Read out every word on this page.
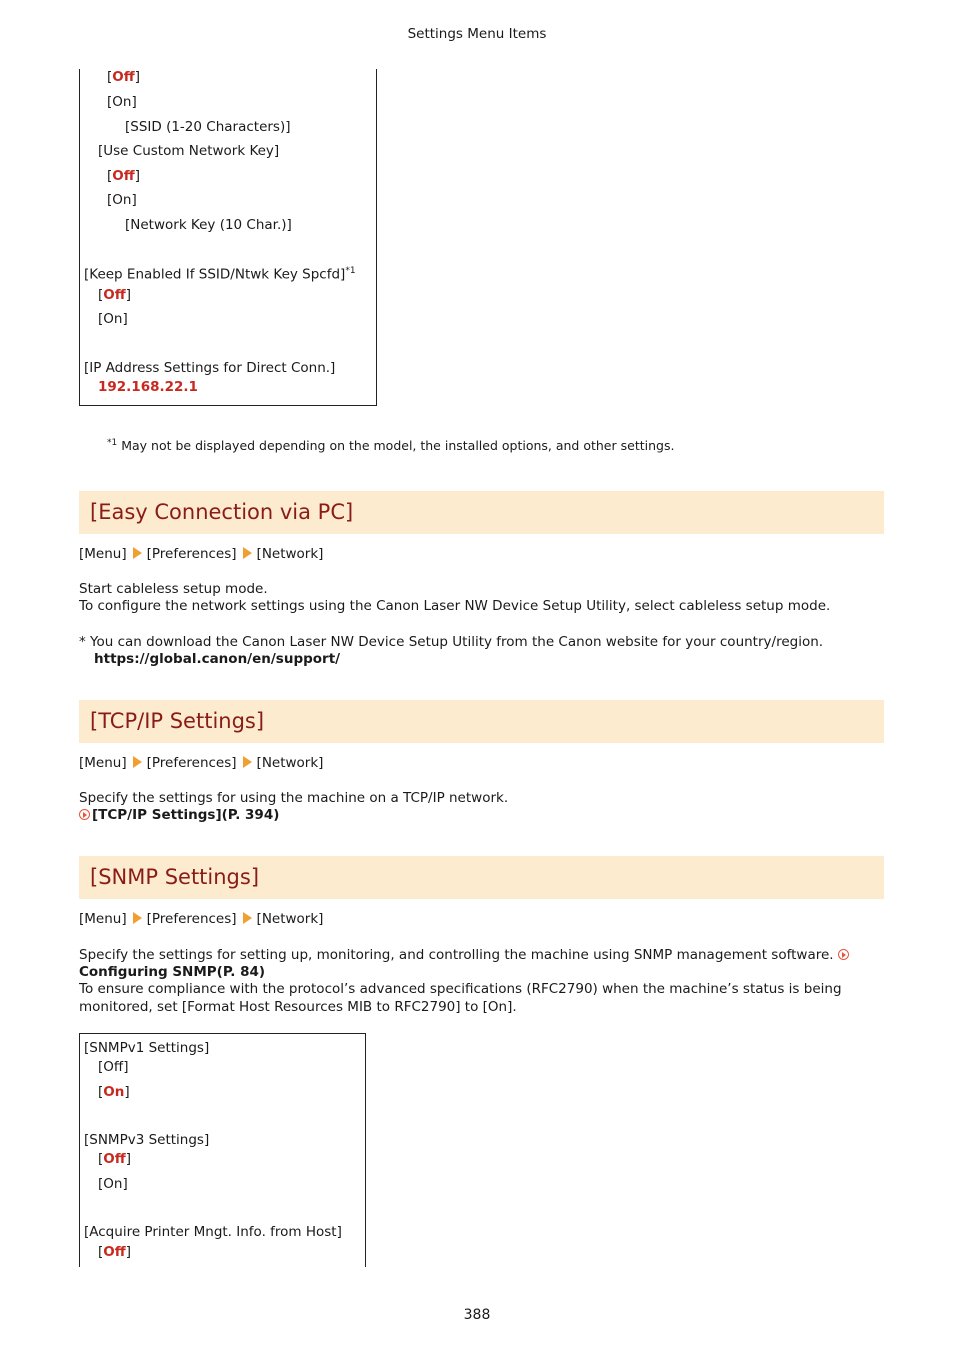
Settings Menu Items
[Off]
[On]
[SSID (1-20 Characters)]
[Use Custom Network Key]
[Off]
[On]
[Network Key (10 Char.)]
[Keep Enabled If SSID/Ntwk Key Spcfd]$^{*1}$
[Off]
[On]
[IP Address Settings for Direct Conn.]
192.168.22.1
$^{*1}$ May not be displayed depending on the model, the installed options, and other settings.
[Easy Connection via PC]
[Menu] [Preferences] [Network]
Start cableless setup mode.
To configure the network settings using the Canon Laser NW Device Setup Utility, select cableless setup mode.
* You can download the Canon Laser NW Device Setup Utility from the Canon website for your country/region.
https://global.canon/en/support/
[TCP/IP Settings]
[Menu] [Preferences] [Network]
Specify the settings for using the machine on a TCP/IP network.
[TCP/IP Settings](P. 394)
[SNMP Settings]
[Menu] [Preferences] [Network]
Specify the settings for setting up, monitoring, and controlling the machine using SNMP management software.
Configuring SNMP(P. 84)
To ensure compliance with the protocol’s advanced specifications (RFC2790) when the machine’s status is being
monitored, set [Format Host Resources MIB to RFC2790] to [On].
[SNMPv1 Settings]
[Off]
[On]
[SNMPv3 Settings]
[Off]
[On]
[Acquire Printer Mngt. Info. from Host]
[Off]
388
